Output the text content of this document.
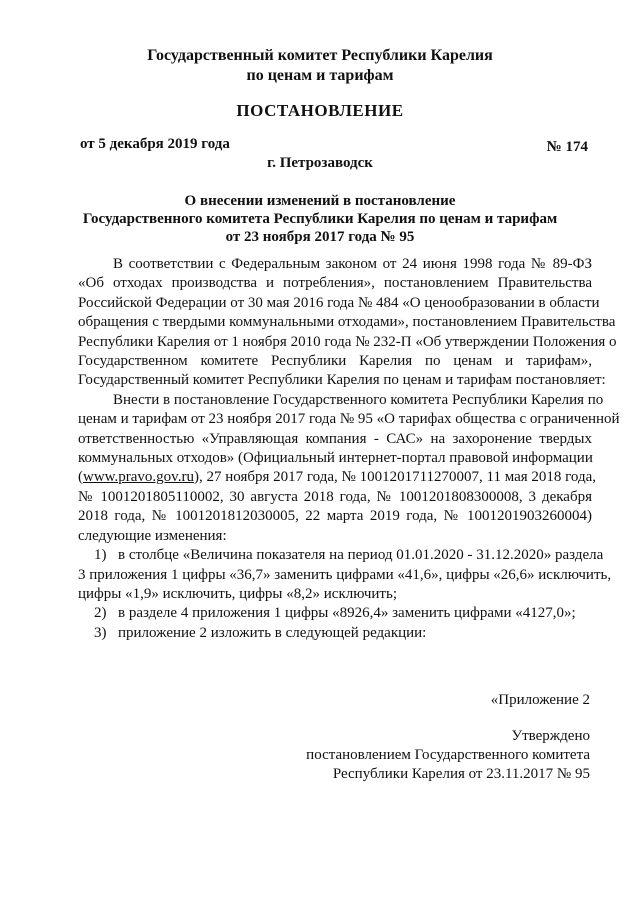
Государственный комитет Республики Карелия
по ценам и тарифам
ПОСТАНОВЛЕНИЕ
от 5 декабря 2019 года	№ 174
г. Петрозаводск
О внесении изменений в постановление
Государственного комитета Республики Карелия по ценам и тарифам
от 23 ноября 2017 года № 95

В соответствии с Федеральным законом от 24 июня 1998 года № 89-ФЗ

«Об отходах производства и потребления», постановлением Правительства

Российской Федерации от 30 мая 2016 года № 484 «О ценообразовании в области

обращения с твердыми коммунальными отходами», постановлением Правительства

Республики Карелия от 1 ноября 2010 года № 232-П «Об утверждении Положения о

Государственном комитете Республики Карелия по ценам и тарифам»,

Государственный комитет Республики Карелия по ценам и тарифам постановляет:

Внести в постановление Государственного комитета Республики Карелия по

ценам и тарифам от 23 ноября 2017 года № 95 «О тарифах общества с ограниченной

ответственностью «Управляющая компания - САС» на захоронение твердых

коммунальных отходов» (Официальный интернет-портал правовой информации

(www.pravo.gov.ru), 27 ноября 2017 года, № 1001201711270007, 11 мая 2018 года,

№ 1001201805110002, 30 августа 2018 года, № 1001201808300008, 3 декабря

2018 года, № 1001201812030005, 22 марта 2019 года, № 1001201903260004)

следующие изменения:

1) в столбце «Величина показателя на период 01.01.2020 - 31.12.2020» раздела

3 приложения 1 цифры «36,7» заменить цифрами «41,6», цифры «26,6» исключить,

цифры «1,9» исключить, цифры «8,2» исключить;

2) в разделе 4 приложения 1 цифры «8926,4» заменить цифрами «4127,0»;

3) приложение 2 изложить в следующей редакции:

«Приложение 2
Утверждено
постановлением Государственного комитета
Республики Карелия от 23.11.2017 № 95
